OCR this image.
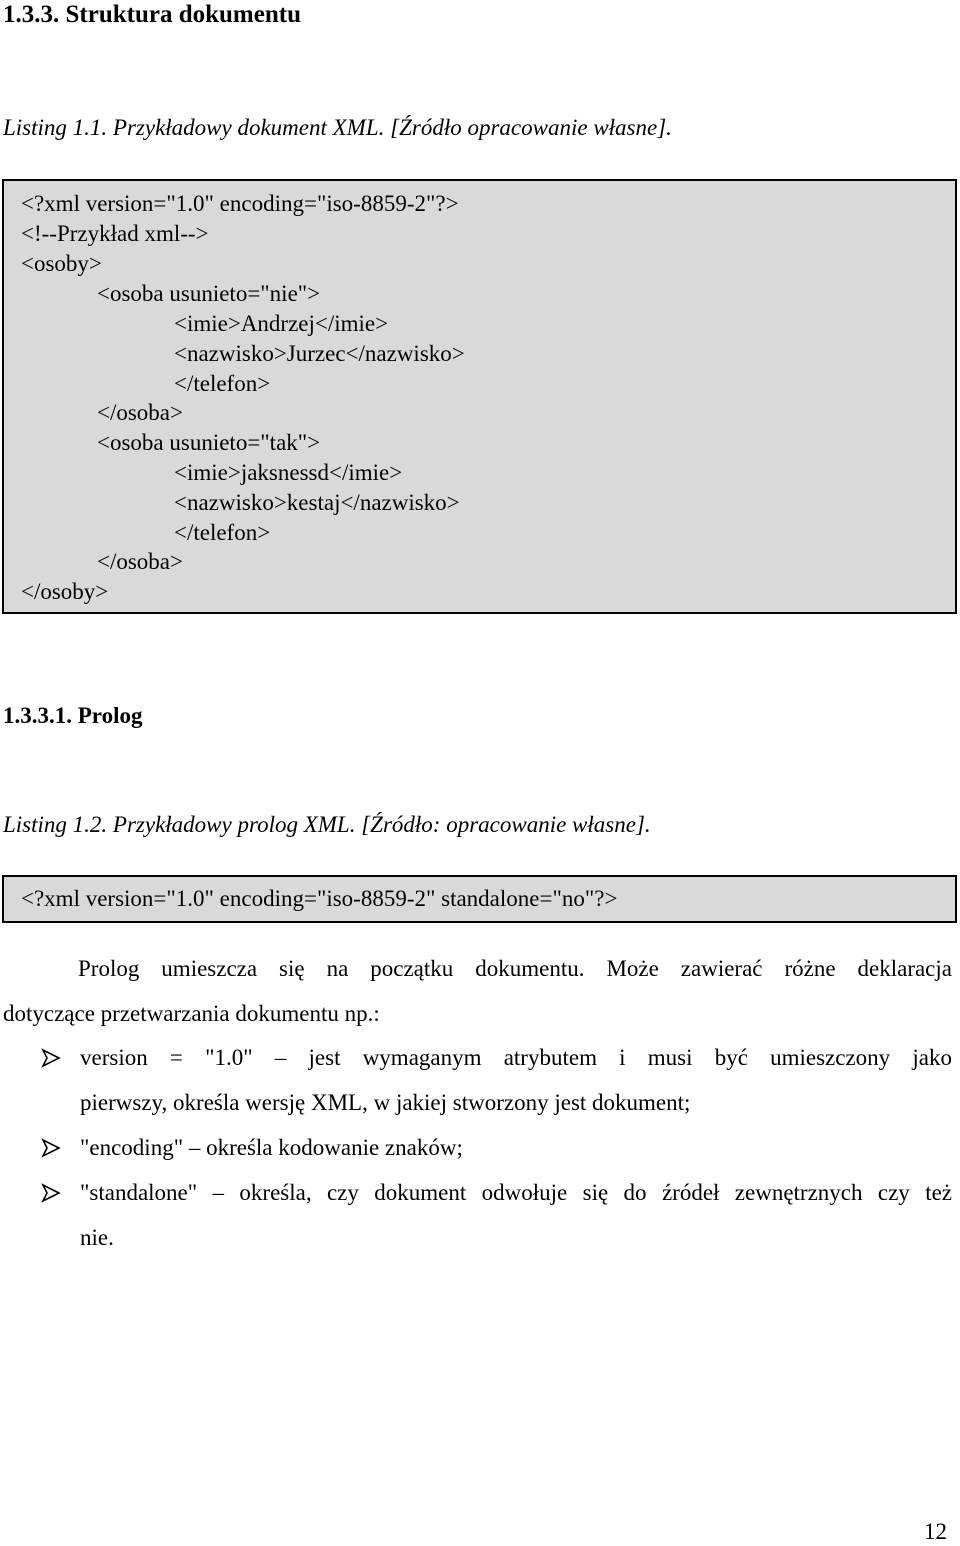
1.3.3. Struktura dokumentu
Listing 1.1. Przykładowy dokument XML. [Źródło opracowanie własne].
<?xml version="1.0" encoding="iso-8859-2"?>
<!--Przykład xml-->
<osoby>
<osoba usunieto="nie">
<imie>Andrzej</imie>
<nazwisko>Jurzec</nazwisko>
</telefon>
</osoba>
<osoba usunieto="tak">
<imie>jaksnessd</imie>
<nazwisko>kestaj</nazwisko>
</telefon>
</osoba>
</osoby>
1.3.3.1. Prolog
Listing 1.2. Przykładowy prolog XML. [Źródło: opracowanie własne].
<?xml version="1.0" encoding="iso-8859-2" standalone="no"?>
Prolog umieszcza się na początku dokumentu. Może zawierać różne deklaracja
dotyczące przetwarzania dokumentu np.:
version = "1.0" – jest wymaganym atrybutem i musi być umieszczony jako
pierwszy, określa wersję XML, w jakiej stworzony jest dokument;
"encoding" – określa kodowanie znaków;
"standalone" – określa, czy dokument odwołuje się do źródeł zewnętrznych czy też
nie.
12
